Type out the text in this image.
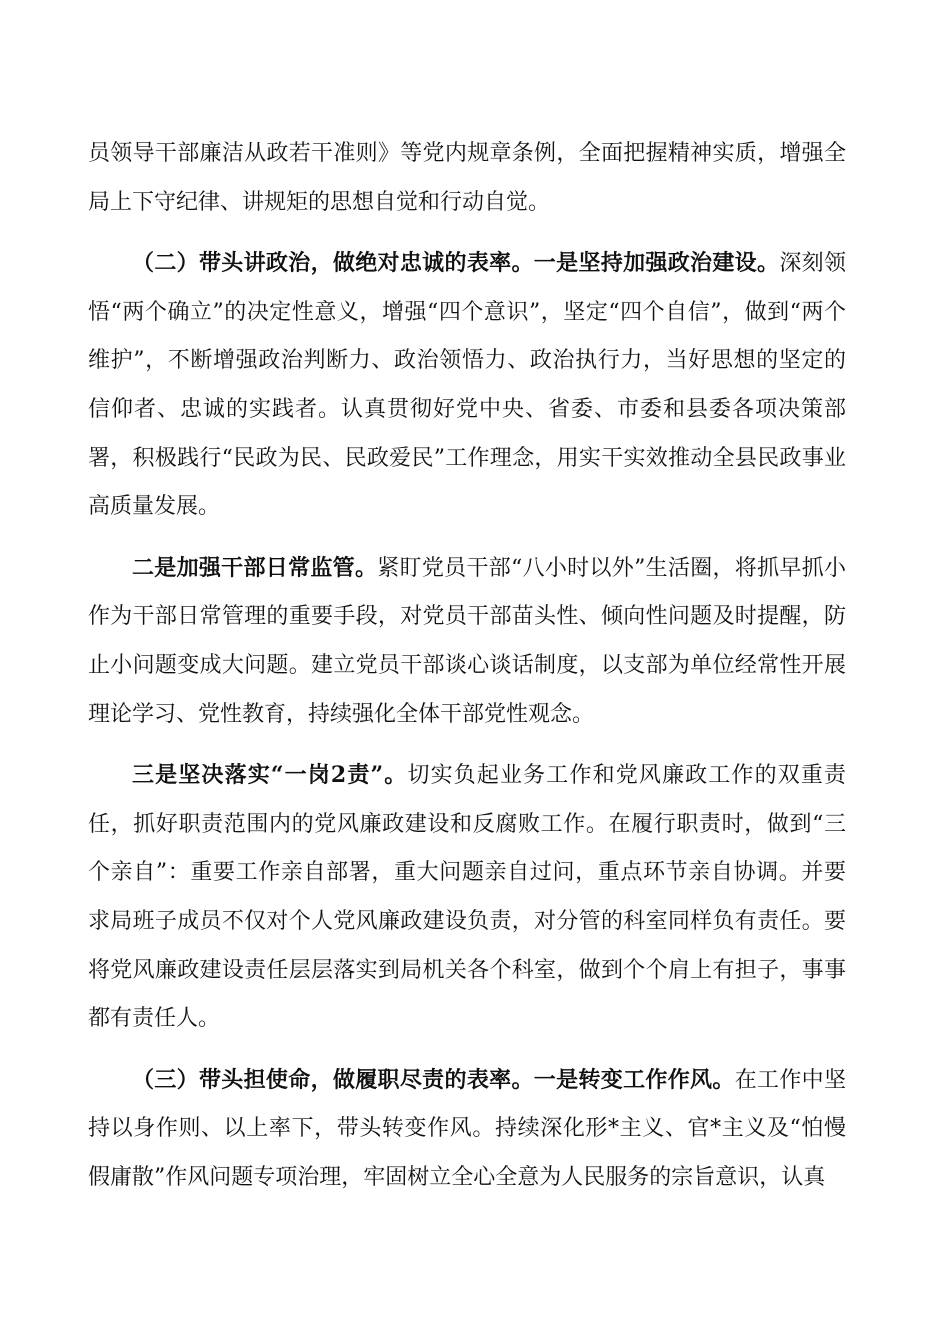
员领导干部廉洁从政若干准则》等党内规章条例，全面把握精神实质，增强全局上下守纪律、讲规矩的思想自觉和行动自觉。

（二）带头讲政治，做绝对忠诚的表率。一是坚持加强政治建设。深刻领悟“两个确立”的决定性意义，增强“四个意识”，坚定“四个自信”，做到“两个维护”，不断增强政治判断力、政治领悟力、政治执行力，当好思想的坚定的信仰者、忠诚的实践者。认真贯彻好党中央、省委、市委和县委各项决策部署，积极践行“民政为民、民政爱民”工作理念，用实干实效推动全县民政事业高质量发展。

二是加强干部日常监管。紧盯党员干部“八小时以外”生活圈，将抓早抓小作为干部日常管理的重要手段，对党员干部苗头性、倾向性问题及时提醒，防止小问题变成大问题。建立党员干部谈心谈话制度，以支部为单位经常性开展理论学习、党性教育，持续强化全体干部党性观念。

三是坚决落实“一岗2责”。切实负起业务工作和党风廉政工作的双重责任，抓好职责范围内的党风廉政建设和反腐败工作。在履行职责时，做到“三个亲自”：重要工作亲自部署，重大问题亲自过问，重点环节亲自协调。并要求局班子成员不仅对个人党风廉政建设负责，对分管的科室同样负有责任。要将党风廉政建设责任层层落实到局机关各个科室，做到个个肩上有担子，事事都有责任人。

（三）带头担使命，做履职尽责的表率。一是转变工作作风。在工作中坚持以身作则、以上率下，带头转变作风。持续深化形*主义、官*主义及“怕慢假庸散”作风问题专项治理，牢固树立全心全意为人民服务的宗旨意识，认真
